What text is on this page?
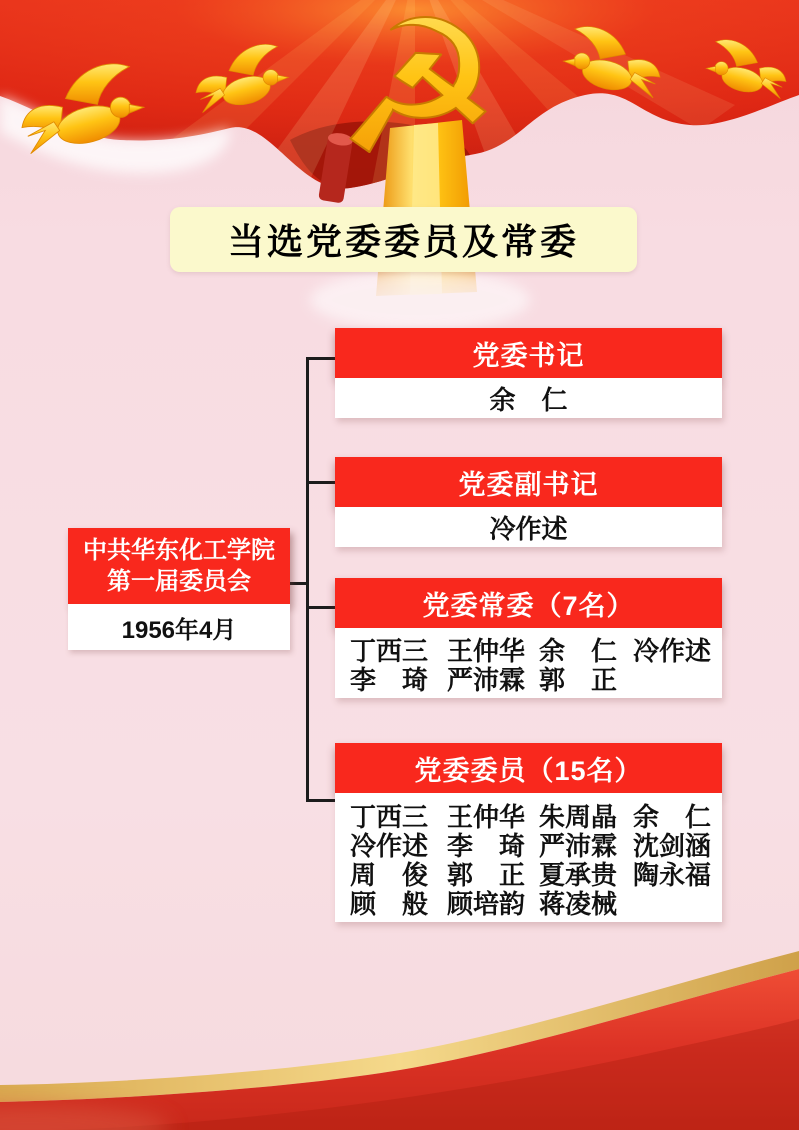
☭
当选党委委员及常委
中共华东化工学院
第一届委员会
1956年4月
党委书记
余　仁
党委副书记
冷作述
党委常委（7名）
丁西三 王仲华 余　仁 冷作述
李　琦 严沛霖 郭　正
党委委员（15名）
丁西三 王仲华 朱周晶 余　仁
冷作述 李　琦 严沛霖 沈剑涵
周　俊 郭　正 夏承贵 陶永福
顾　般 顾培韵 蒋凌械
